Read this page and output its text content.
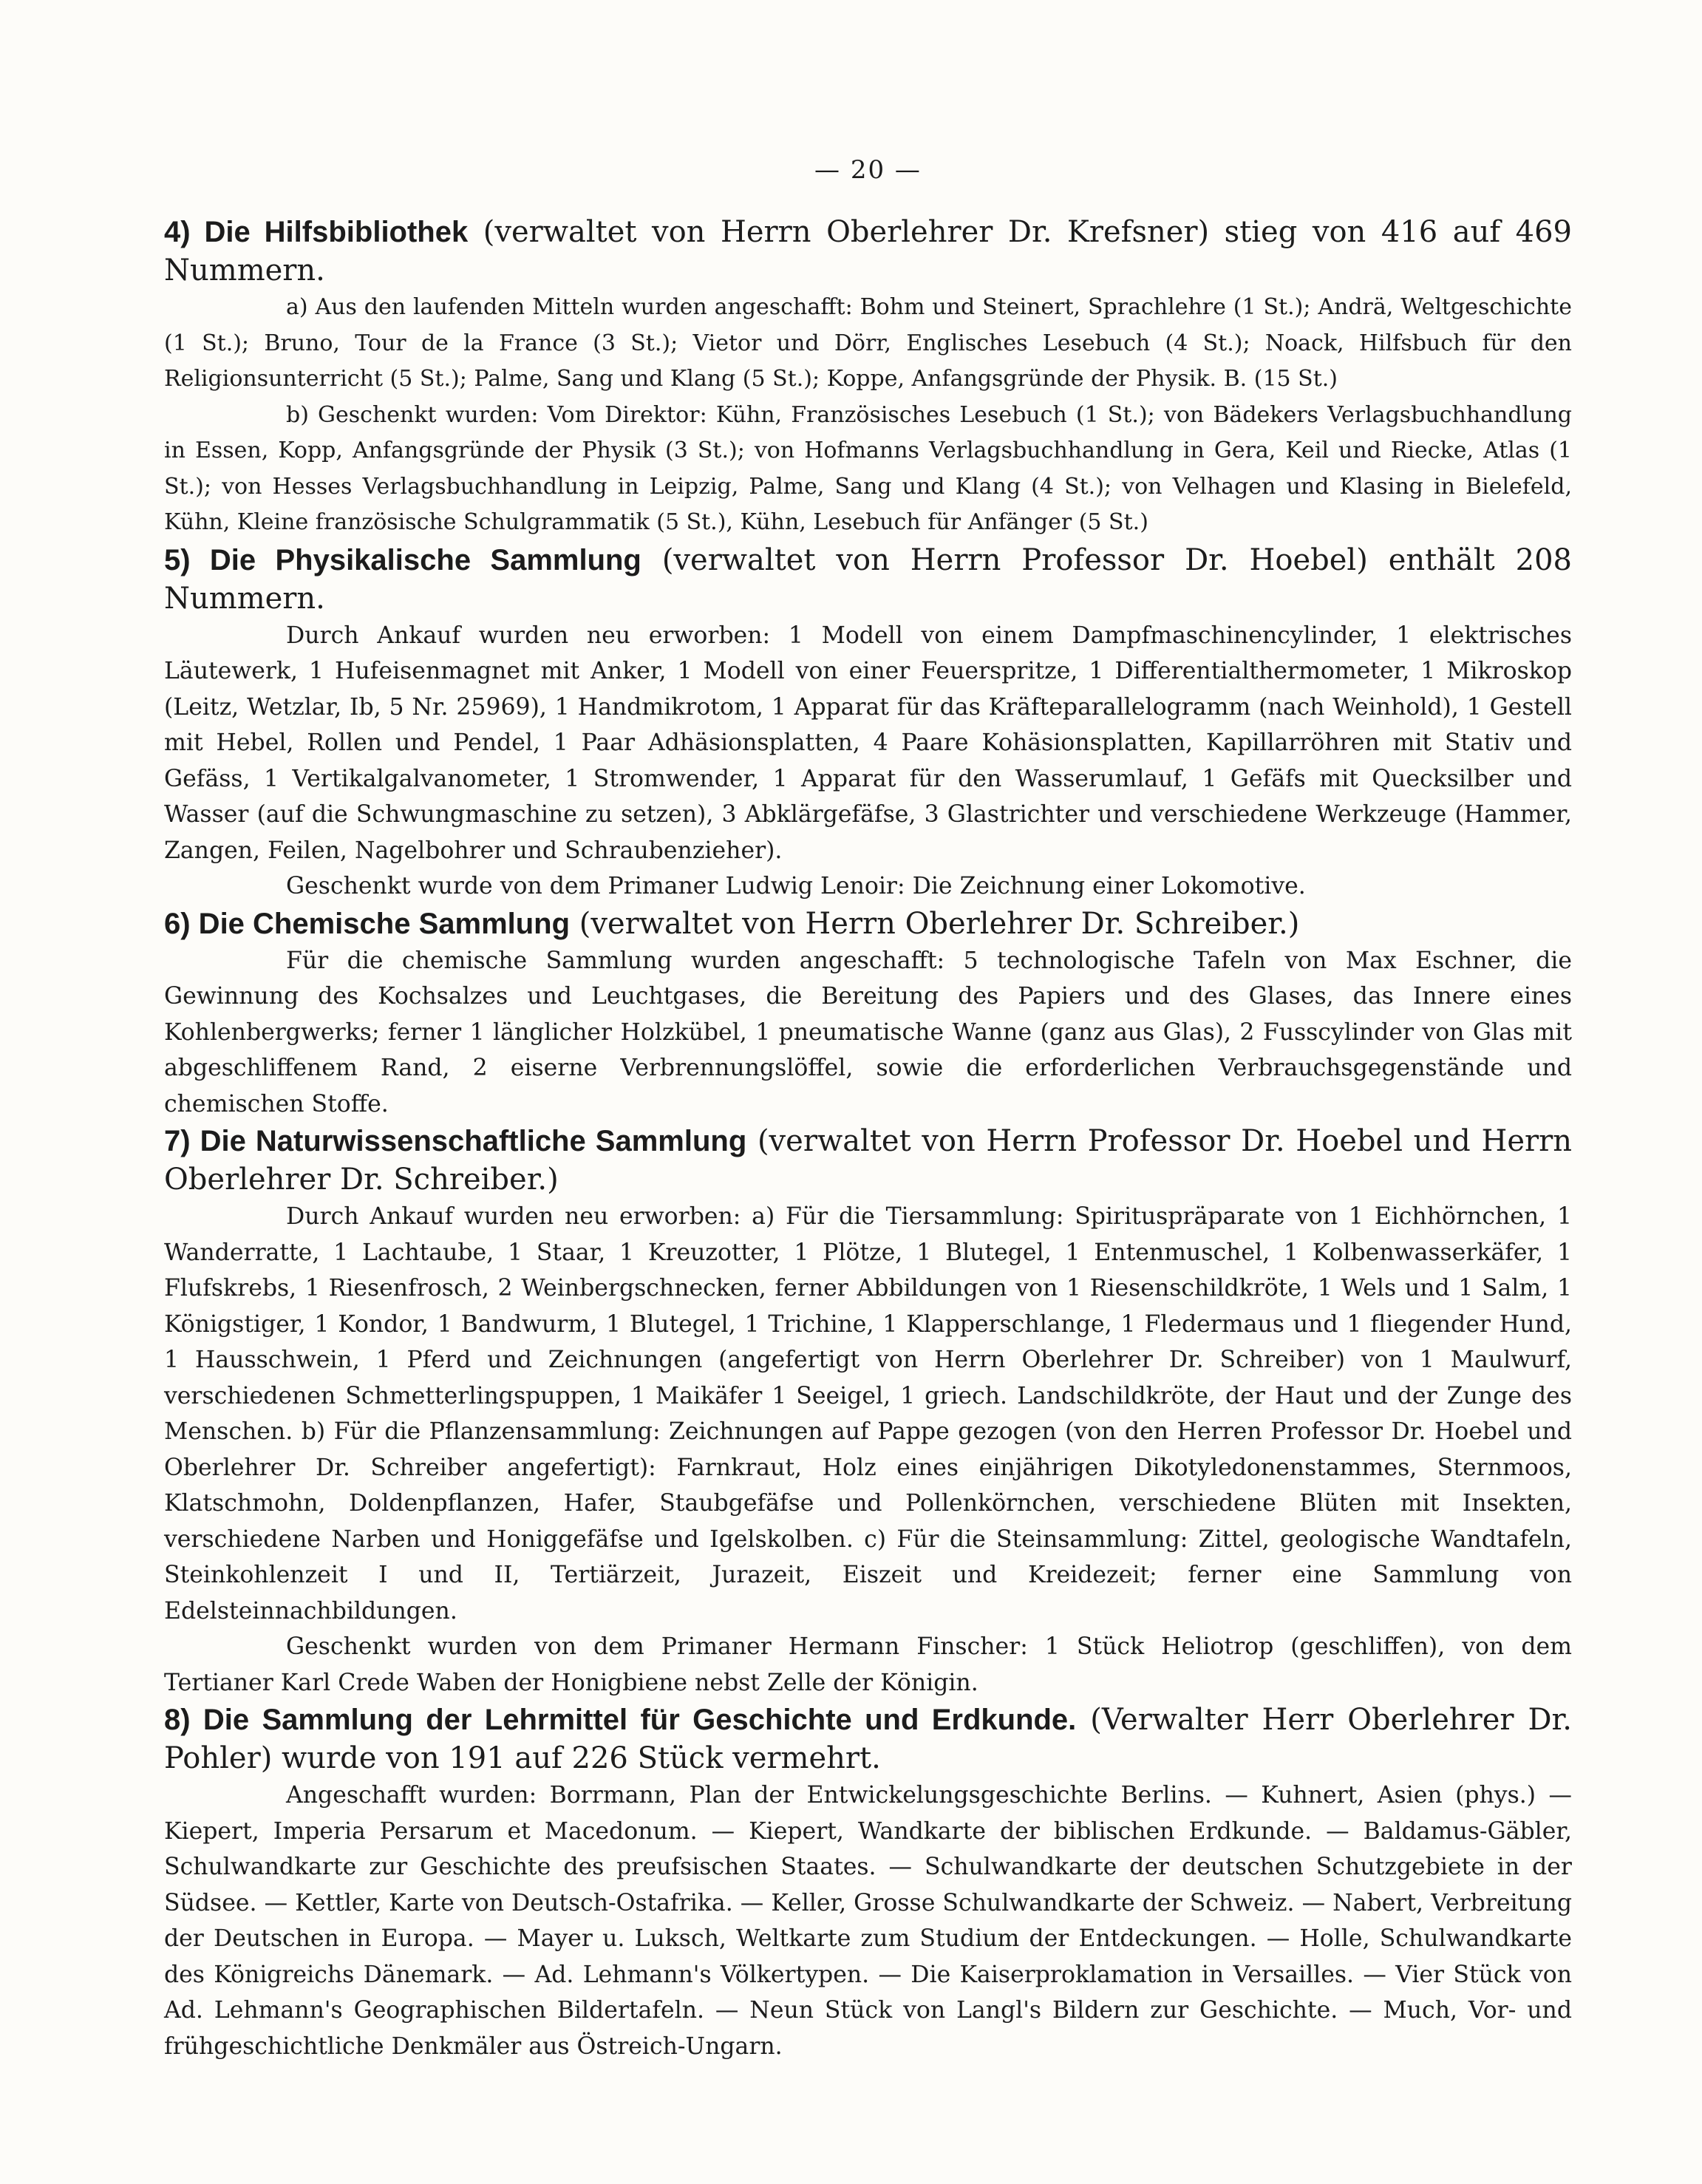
— 20 —

4) Die Hilfsbibliothek (verwaltet von Herrn Oberlehrer Dr. Krefsner) stieg von 416 auf 469 Nummern.

a) Aus den laufenden Mitteln wurden angeschafft: Bohm und Steinert, Sprachlehre (1 St.); Andrä, Weltgeschichte (1 St.); Bruno, Tour de la France (3 St.); Vietor und Dörr, Englisches Lesebuch (4 St.); Noack, Hilfsbuch für den Religionsunterricht (5 St.); Palme, Sang und Klang (5 St.); Koppe, Anfangsgründe der Physik. B. (15 St.)

b) Geschenkt wurden: Vom Direktor: Kühn, Französisches Lesebuch (1 St.); von Bädekers Verlagsbuchhandlung in Essen, Kopp, Anfangsgründe der Physik (3 St.); von Hofmanns Verlagsbuchhandlung in Gera, Keil und Riecke, Atlas (1 St.); von Hesses Verlagsbuchhandlung in Leipzig, Palme, Sang und Klang (4 St.); von Velhagen und Klasing in Bielefeld, Kühn, Kleine französische Schulgrammatik (5 St.), Kühn, Lesebuch für Anfänger (5 St.)

5) Die Physikalische Sammlung (verwaltet von Herrn Professor Dr. Hoebel) enthält 208 Nummern.

Durch Ankauf wurden neu erworben: 1 Modell von einem Dampfmaschinencylinder, 1 elektrisches Läutewerk, 1 Hufeisenmagnet mit Anker, 1 Modell von einer Feuerspritze, 1 Differentialthermometer, 1 Mikroskop (Leitz, Wetzlar, Ib, 5 Nr. 25969), 1 Handmikrotom, 1 Apparat für das Kräfteparallelogramm (nach Weinhold), 1 Gestell mit Hebel, Rollen und Pendel, 1 Paar Adhäsionsplatten, 4 Paare Kohäsionsplatten, Kapillarröhren mit Stativ und Gefäss, 1 Vertikalgalvanometer, 1 Stromwender, 1 Apparat für den Wasserumlauf, 1 Gefäfs mit Quecksilber und Wasser (auf die Schwungmaschine zu setzen), 3 Abklärgefäfse, 3 Glastrichter und verschiedene Werkzeuge (Hammer, Zangen, Feilen, Nagelbohrer und Schraubenzieher).

Geschenkt wurde von dem Primaner Ludwig Lenoir: Die Zeichnung einer Lokomotive.

6) Die Chemische Sammlung (verwaltet von Herrn Oberlehrer Dr. Schreiber.)

Für die chemische Sammlung wurden angeschafft: 5 technologische Tafeln von Max Eschner, die Gewinnung des Kochsalzes und Leuchtgases, die Bereitung des Papiers und des Glases, das Innere eines Kohlenbergwerks; ferner 1 länglicher Holzkübel, 1 pneumatische Wanne (ganz aus Glas), 2 Fusscylinder von Glas mit abgeschliffenem Rand, 2 eiserne Verbrennungslöffel, sowie die erforderlichen Verbrauchsgegenstände und chemischen Stoffe.

7) Die Naturwissenschaftliche Sammlung (verwaltet von Herrn Professor Dr. Hoebel und Herrn Oberlehrer Dr. Schreiber.)

Durch Ankauf wurden neu erworben: a) Für die Tiersammlung: Spirituspräparate von 1 Eichhörnchen, 1 Wanderratte, 1 Lachtaube, 1 Staar, 1 Kreuzotter, 1 Plötze, 1 Blutegel, 1 Entenmuschel, 1 Kolbenwasserkäfer, 1 Flufskrebs, 1 Riesenfrosch, 2 Weinbergschnecken, ferner Abbildungen von 1 Riesenschildkröte, 1 Wels und 1 Salm, 1 Königstiger, 1 Kondor, 1 Bandwurm, 1 Blutegel, 1 Trichine, 1 Klapperschlange, 1 Fledermaus und 1 fliegender Hund, 1 Hausschwein, 1 Pferd und Zeichnungen (angefertigt von Herrn Oberlehrer Dr. Schreiber) von 1 Maulwurf, verschiedenen Schmetterlingspuppen, 1 Maikäfer 1 Seeigel, 1 griech. Landschildkröte, der Haut und der Zunge des Menschen. b) Für die Pflanzensammlung: Zeichnungen auf Pappe gezogen (von den Herren Professor Dr. Hoebel und Oberlehrer Dr. Schreiber angefertigt): Farnkraut, Holz eines einjährigen Dikotyledonenstammes, Sternmoos, Klatschmohn, Doldenpflanzen, Hafer, Staubgefäfse und Pollenkörnchen, verschiedene Blüten mit Insekten, verschiedene Narben und Honiggefäfse und Igelskolben. c) Für die Steinsammlung: Zittel, geologische Wandtafeln, Steinkohlenzeit I und II, Tertiärzeit, Jurazeit, Eiszeit und Kreidezeit; ferner eine Sammlung von Edelsteinnachbildungen.

Geschenkt wurden von dem Primaner Hermann Finscher: 1 Stück Heliotrop (geschliffen), von dem Tertianer Karl Crede Waben der Honigbiene nebst Zelle der Königin.

8) Die Sammlung der Lehrmittel für Geschichte und Erdkunde. (Verwalter Herr Oberlehrer Dr. Pohler) wurde von 191 auf 226 Stück vermehrt.

Angeschafft wurden: Borrmann, Plan der Entwickelungsgeschichte Berlins. — Kuhnert, Asien (phys.) — Kiepert, Imperia Persarum et Macedonum. — Kiepert, Wandkarte der biblischen Erdkunde. — Baldamus-Gäbler, Schulwandkarte zur Geschichte des preufsischen Staates. — Schulwandkarte der deutschen Schutzgebiete in der Südsee. — Kettler, Karte von Deutsch-Ostafrika. — Keller, Grosse Schulwandkarte der Schweiz. — Nabert, Verbreitung der Deutschen in Europa. — Mayer u. Luksch, Weltkarte zum Studium der Entdeckungen. — Holle, Schulwandkarte des Königreichs Dänemark. — Ad. Lehmann's Völkertypen. — Die Kaiserproklamation in Versailles. — Vier Stück von Ad. Lehmann's Geographischen Bildertafeln. — Neun Stück von Langl's Bildern zur Geschichte. — Much, Vor- und frühgeschichtliche Denkmäler aus Östreich-Ungarn.
